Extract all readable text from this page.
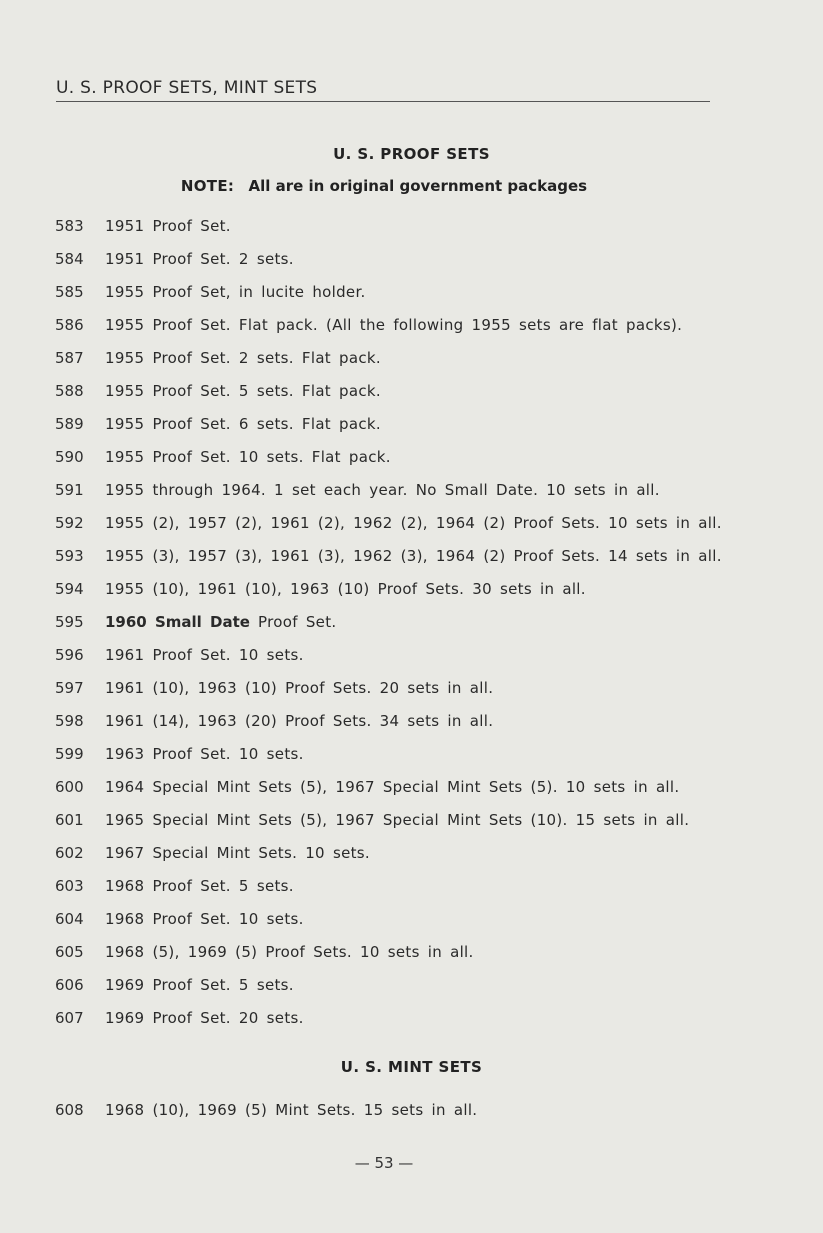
U. S. PROOF SETS, MINT SETS
U. S. PROOF SETS
NOTE: All are in original government packages
583	1951 Proof Set.
584	1951 Proof Set. 2 sets.
585	1955 Proof Set, in lucite holder.
586	1955 Proof Set. Flat pack. (All the following 1955 sets are flat packs).
587	1955 Proof Set. 2 sets. Flat pack.
588	1955 Proof Set. 5 sets. Flat pack.
589	1955 Proof Set. 6 sets. Flat pack.
590	1955 Proof Set. 10 sets. Flat pack.
591	1955 through 1964. 1 set each year. No Small Date. 10 sets in all.
592	1955 (2), 1957 (2), 1961 (2), 1962 (2), 1964 (2) Proof Sets. 10 sets in all.
593	1955 (3), 1957 (3), 1961 (3), 1962 (3), 1964 (2) Proof Sets. 14 sets in all.
594	1955 (10), 1961 (10), 1963 (10) Proof Sets. 30 sets in all.
595	1960 Small Date Proof Set.
596	1961 Proof Set. 10 sets.
597	1961 (10), 1963 (10) Proof Sets. 20 sets in all.
598	1961 (14), 1963 (20) Proof Sets. 34 sets in all.
599	1963 Proof Set. 10 sets.
600	1964 Special Mint Sets (5), 1967 Special Mint Sets (5). 10 sets in all.
601	1965 Special Mint Sets (5), 1967 Special Mint Sets (10). 15 sets in all.
602	1967 Special Mint Sets. 10 sets.
603	1968 Proof Set. 5 sets.
604	1968 Proof Set. 10 sets.
605	1968 (5), 1969 (5) Proof Sets. 10 sets in all.
606	1969 Proof Set. 5 sets.
607	1969 Proof Set. 20 sets.
U. S. MINT SETS
608	1968 (10), 1969 (5) Mint Sets. 15 sets in all.
— 53 —
